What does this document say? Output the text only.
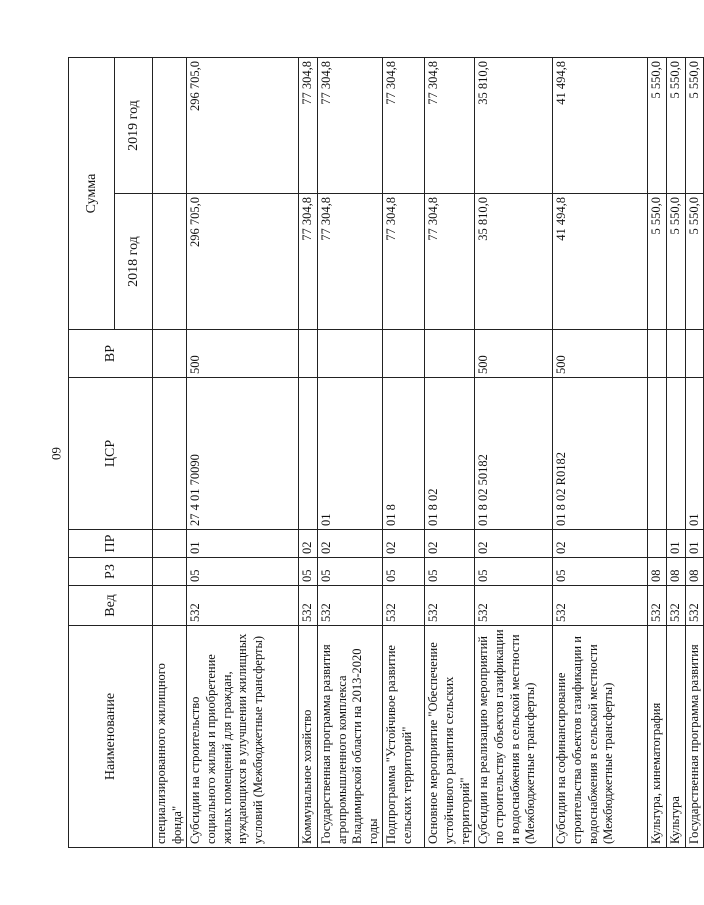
60
Наименование	Вед	РЗ	ПР	ЦСР	ВР	Сумма	
						2018 год	2019 год
специализированного жилищного фонда"							
Субсидии на строительство социального жилья и приобретение жилых помещений для граждан, нуждающихся в улучшении жилищных условий (Межбюджетные трансферты)	532	05	01	27 4 01 70090	500	296 705,0	296 705,0
Коммунальное хозяйство	532	05	02			77 304,8	77 304,8
Государственная программа развития агропромышленного комплекса Владимирской области на 2013-2020 годы	532	05	02	01		77 304,8	77 304,8
Подпрограмма "Устойчивое развитие сельских территорий"	532	05	02	01 8		77 304,8	77 304,8
Основное мероприятие "Обеспечение устойчивого развития сельских территорий"	532	05	02	01 8 02		77 304,8	77 304,8
Субсидии на реализацию мероприятий по строительству объектов газификации и водоснабжения в сельской местности (Межбюджетные трансферты)	532	05	02	01 8 02 50182	500	35 810,0	35 810,0
Субсидии на софинансирование строительства объектов газификации и водоснабжения в сельской местности (Межбюджетные трансферты)	532	05	02	01 8 02 R0182	500	41 494,8	41 494,8
Культура, кинематография	532	08				5 550,0	5 550,0
Культура	532	08	01			5 550,0	5 550,0
Государственная программа развития	532	08	01	01		5 550,0	5 550,0
